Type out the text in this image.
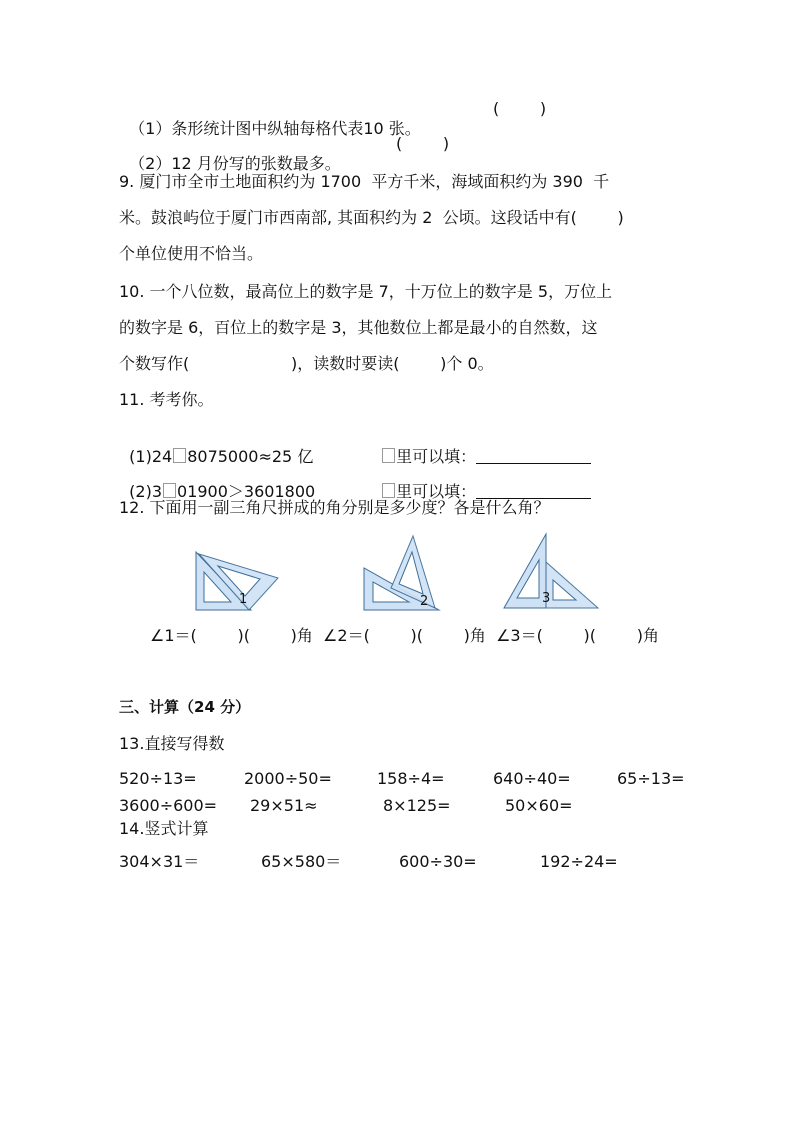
（1）条形统计图中纵轴每格代表10 张。

(        )

（2）12 月份写的张数最多。

(        )
9. 厦门市全市土地面积约为 1700  平方千米，海域面积约为 390  千
米。鼓浪屿位于厦门市西南部, 其面积约为 2  公顷。这段话中有(        )
个单位使用不恰当。
10. 一个八位数，最高位上的数字是 7，十万位上的数字是 5，万位上
的数字是 6，百位上的数字是 3，其他数位上都是最小的自然数，这
个数写作(                    )，读数时要读(        )个 0。
11. 考考你。

(1)24 8075000≈25 亿	里可以填：

(2)3 01900＞3601800	里可以填：

12. 下面用一副三角尺拼成的角分别是多少度？各是什么角？
1	2	3
∠1＝(        )(        )角  ∠2＝(        )(        )角  ∠3＝(        )(        )角
三、计算（24 分）
13.直接写得数
520÷13=	2000÷50=	158÷4=	640÷40=	65÷13=
3600÷600= 29×51≈	8×125=	50×60=
14.竖式计算
304×31＝	65×580＝	600÷30=	192÷24=
